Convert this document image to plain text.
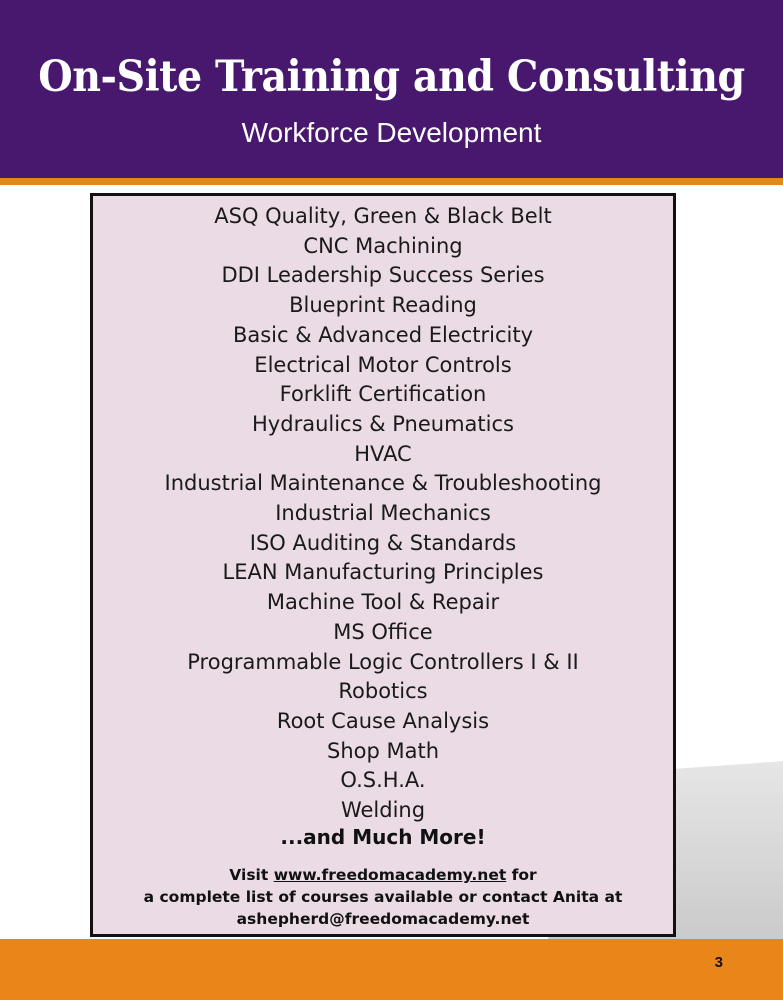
On-Site Training and Consulting
Workforce Development
ASQ Quality, Green & Black Belt
CNC Machining
DDI Leadership Success Series
Blueprint Reading
Basic & Advanced Electricity
Electrical Motor Controls
Forklift Certification
Hydraulics & Pneumatics
HVAC
Industrial Maintenance & Troubleshooting
Industrial Mechanics
ISO Auditing & Standards
LEAN Manufacturing Principles
Machine Tool & Repair
MS Office
Programmable Logic Controllers I & II
Robotics
Root Cause Analysis
Shop Math
O.S.H.A.
Welding
...and Much More!
Visit www.freedomacademy.net for
a complete list of courses available or contact Anita at
ashepherd@freedomacademy.net
3
